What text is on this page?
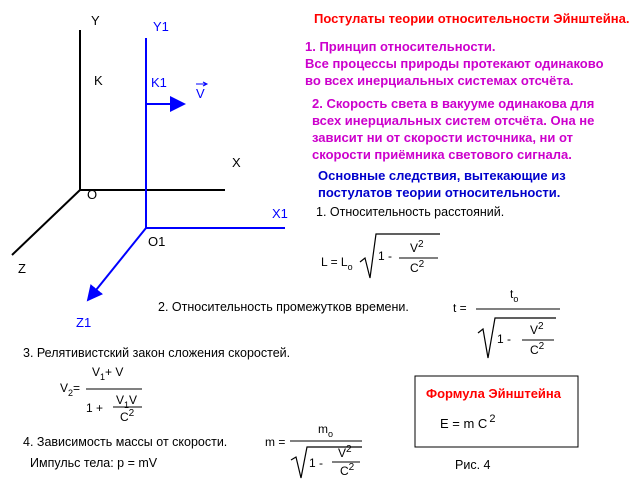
Y
K
X
O
Z
Y1
K1
V
X1
O1
Z1
Постулаты теории относительности Эйнштейна.
1. Принцип относительности.
Все процессы природы протекают одинаково
во всех инерциальных системах отсчёта.
2. Скорость света в вакууме одинакова для
всех инерциальных систем отсчёта. Она не
зависит ни от скорости источника, ни от
скорости приёмника светового сигнала.
Основные следствия, вытекающие из
постулатов теории относительности.
1. Относительность расстояний.
$L = L_o$
1 -
$V^2$
$C^2$
2. Относительность промежутков времени.	t =
$t_o$
1 -
$V^2$
$C^2$
3. Релятивистский закон сложения скоростей.
$V_2=$
$V_1+ V$
1 +
$V_1V$
$C^2$
Формула Эйнштейна
E = m C $^2$
4. Зависимость массы от скорости.	m =
$m_o$
1 -
$V^2$
$C^2$
Импульс тела: p = mV	Рис. 4
